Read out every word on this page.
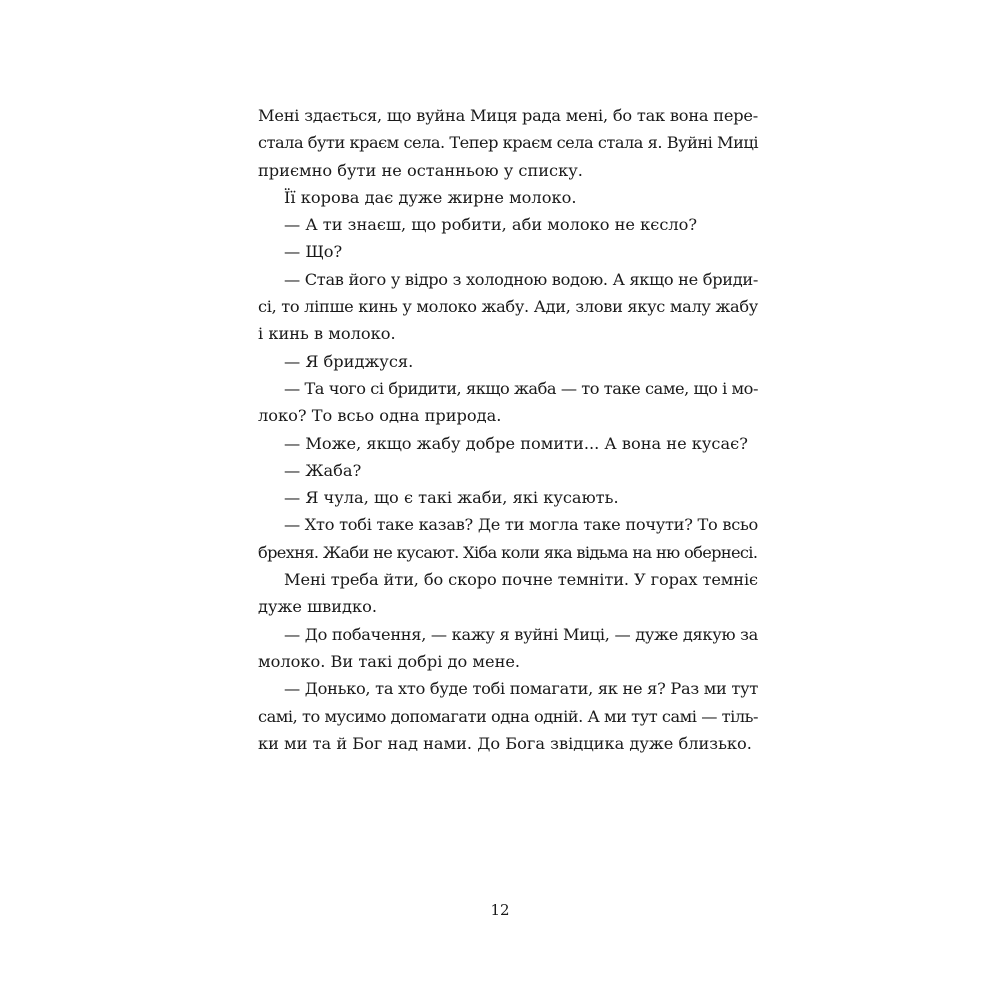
Мені здається, що вуйна Миця рада мені, бо так вона пере-
стала бути краєм села. Тепер краєм села стала я. Вуйні Миці
приємно бути не останньою у списку.
Її корова дає дуже жирне молоко.
— А ти знаєш, що робити, аби молоко не кєсло?
— Що?
— Став його у відро з холодною водою. А якщо не бриди-
сі, то ліпше кинь у молоко жабу. Ади, злови якус малу жабу
і кинь в молоко.
— Я бриджуся.
— Та чого сі бридити, якщо жаба — то таке саме, що і мо-
локо? То всьо одна природа.
— Може, якщо жабу добре помити... А вона не кусає?
— Жаба?
— Я чула, що є такі жаби, які кусають.
— Хто тобі таке казав? Де ти могла таке почути? То всьо
брехня. Жаби не кусают. Хіба коли яка відьма на ню обернесі.
Мені треба йти, бо скоро почне темніти. У горах темніє
дуже швидко.
— До побачення, — кажу я вуйні Миці, — дуже дякую за
молоко. Ви такі добрі до мене.
— Донько, та хто буде тобі помагати, як не я? Раз ми тут
самі, то мусимо допомагати одна одній. А ми тут самі — тіль-
ки ми та й Бог над нами. До Бога звідцика дуже близько.
12
